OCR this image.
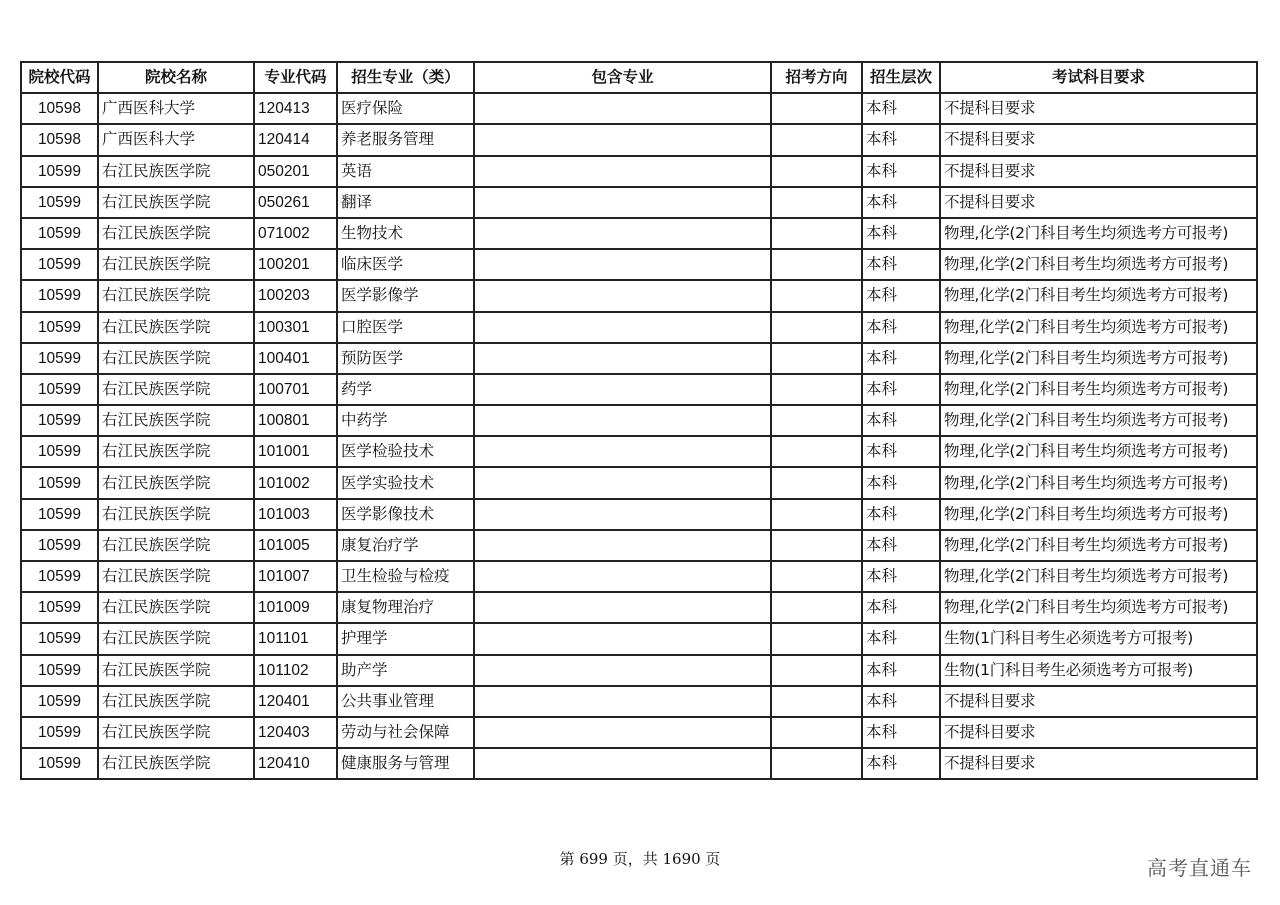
院校代码	院校名称	专业代码	招生专业（类）	包含专业	招考方向	招生层次	考试科目要求
10598	广西医科大学	120413	医疗保险			本科	不提科目要求
10598	广西医科大学	120414	养老服务管理			本科	不提科目要求
10599	右江民族医学院	050201	英语			本科	不提科目要求
10599	右江民族医学院	050261	翻译			本科	不提科目要求
10599	右江民族医学院	071002	生物技术			本科	物理,化学(2门科目考生均须选考方可报考)
10599	右江民族医学院	100201	临床医学			本科	物理,化学(2门科目考生均须选考方可报考)
10599	右江民族医学院	100203	医学影像学			本科	物理,化学(2门科目考生均须选考方可报考)
10599	右江民族医学院	100301	口腔医学			本科	物理,化学(2门科目考生均须选考方可报考)
10599	右江民族医学院	100401	预防医学			本科	物理,化学(2门科目考生均须选考方可报考)
10599	右江民族医学院	100701	药学			本科	物理,化学(2门科目考生均须选考方可报考)
10599	右江民族医学院	100801	中药学			本科	物理,化学(2门科目考生均须选考方可报考)
10599	右江民族医学院	101001	医学检验技术			本科	物理,化学(2门科目考生均须选考方可报考)
10599	右江民族医学院	101002	医学实验技术			本科	物理,化学(2门科目考生均须选考方可报考)
10599	右江民族医学院	101003	医学影像技术			本科	物理,化学(2门科目考生均须选考方可报考)
10599	右江民族医学院	101005	康复治疗学			本科	物理,化学(2门科目考生均须选考方可报考)
10599	右江民族医学院	101007	卫生检验与检疫			本科	物理,化学(2门科目考生均须选考方可报考)
10599	右江民族医学院	101009	康复物理治疗			本科	物理,化学(2门科目考生均须选考方可报考)
10599	右江民族医学院	101101	护理学			本科	生物(1门科目考生必须选考方可报考)
10599	右江民族医学院	101102	助产学			本科	生物(1门科目考生必须选考方可报考)
10599	右江民族医学院	120401	公共事业管理			本科	不提科目要求
10599	右江民族医学院	120403	劳动与社会保障			本科	不提科目要求
10599	右江民族医学院	120410	健康服务与管理			本科	不提科目要求
第 699 页，共 1690 页	高考直通车
